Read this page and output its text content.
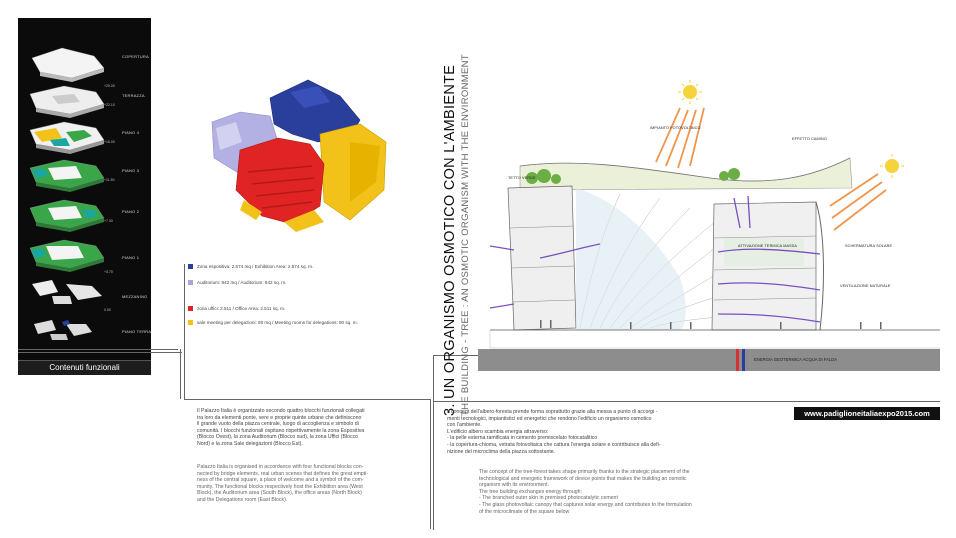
COPERTURA
TERRAZZA
PIANO 4
PIANO 3
PIANO 2
PIANO 1
MEZZANINO
PIANO TERRA
+25.00
+22.10
+16.00
+11.50
+7.00
+3.70
0.00
Contenuti funzionali
Zona espositiva: 2.574 mq / Exhibition Area: 2.574 sq. m.
Auditorium: 842 mq / Auditorium: 842 sq. m.
zona uffici: 2.511 / Office Area: 2.511 sq. m.
sale meeting per delegazioni: 80 mq / Meeting rooms for delegations: 80 sq. m.
Il Palazzo Italia è organizzato secondo quattro blocchi funzionali collegati
tra loro da elementi ponte, vere e proprie quinte urbane che definiscono
il grande vuoto della piazza centrale, luogo di accoglienza e simbolo di
comunità. I blocchi funzionali ospitano rispettivamente la zona Espositiva
(Blocco Ovest), la zona Auditorium (Blocco sud), la zona Uffici (Blocco
Nord) e la zona Sale delegazioni (Blocco Est).
Palazzo Italia is organised in accordance with four functional blocks con-
nected by bridge elements, real urban scenes that defines the great empti-
ness of the central square, a place of welcome and a symbol of the com-
munity. The functional blocks respectively host the Exhibition area (West
Block), the Auditorium area (South Block), the office areas (North Block)
and the Delegations room (East Block).
3. UN ORGANISMO OSMOTICO CON L'AMBIENTE THE BUILDING - TREE : AN OSMOTIC ORGANISM WITH THE ENVIRONMENT	IMPIANTO FOTOVOLTAICO
EFFETTO CAMINO
TETTO VERDE
ATTIVAZIONE TERMICA MASSA	SCHERMATURA SOLARE
VENTILAZIONE NATURALE
ENERGIA GEOTERMICA ACQUA DI FALDA
www.padiglioneitaliaexpo2015.com
Il concept dell'albero-foresta prende forma soprattutto grazie alla messa a punto di accorgi -
menti tecnologici, impiantistici ed energetici che rendono l'edificio un organismo osmotico
con l'ambiente.
L'edificio albero scambia energia attraverso:
- la pelle esterna ramificata in cemento premiscelato fotocatalitico
- la copertura-chioma, vetrata fotovoltaica che cattura l'energia solare e contribuisce alla defi-
nizione del microclima della piazza sottostante.
The concept of the tree-forest takes shape primarily thanks to the strategic placement of the
technological and energetic framework of device points that makes the building an osmotic
organism with its environment.
The tree building exchanges energy through:
- The branched outer skin in premixed photocatalytic cement
- The glass photovoltaic canopy that captures solar energy and contributes to the formulation
of the microclimate of the square below
